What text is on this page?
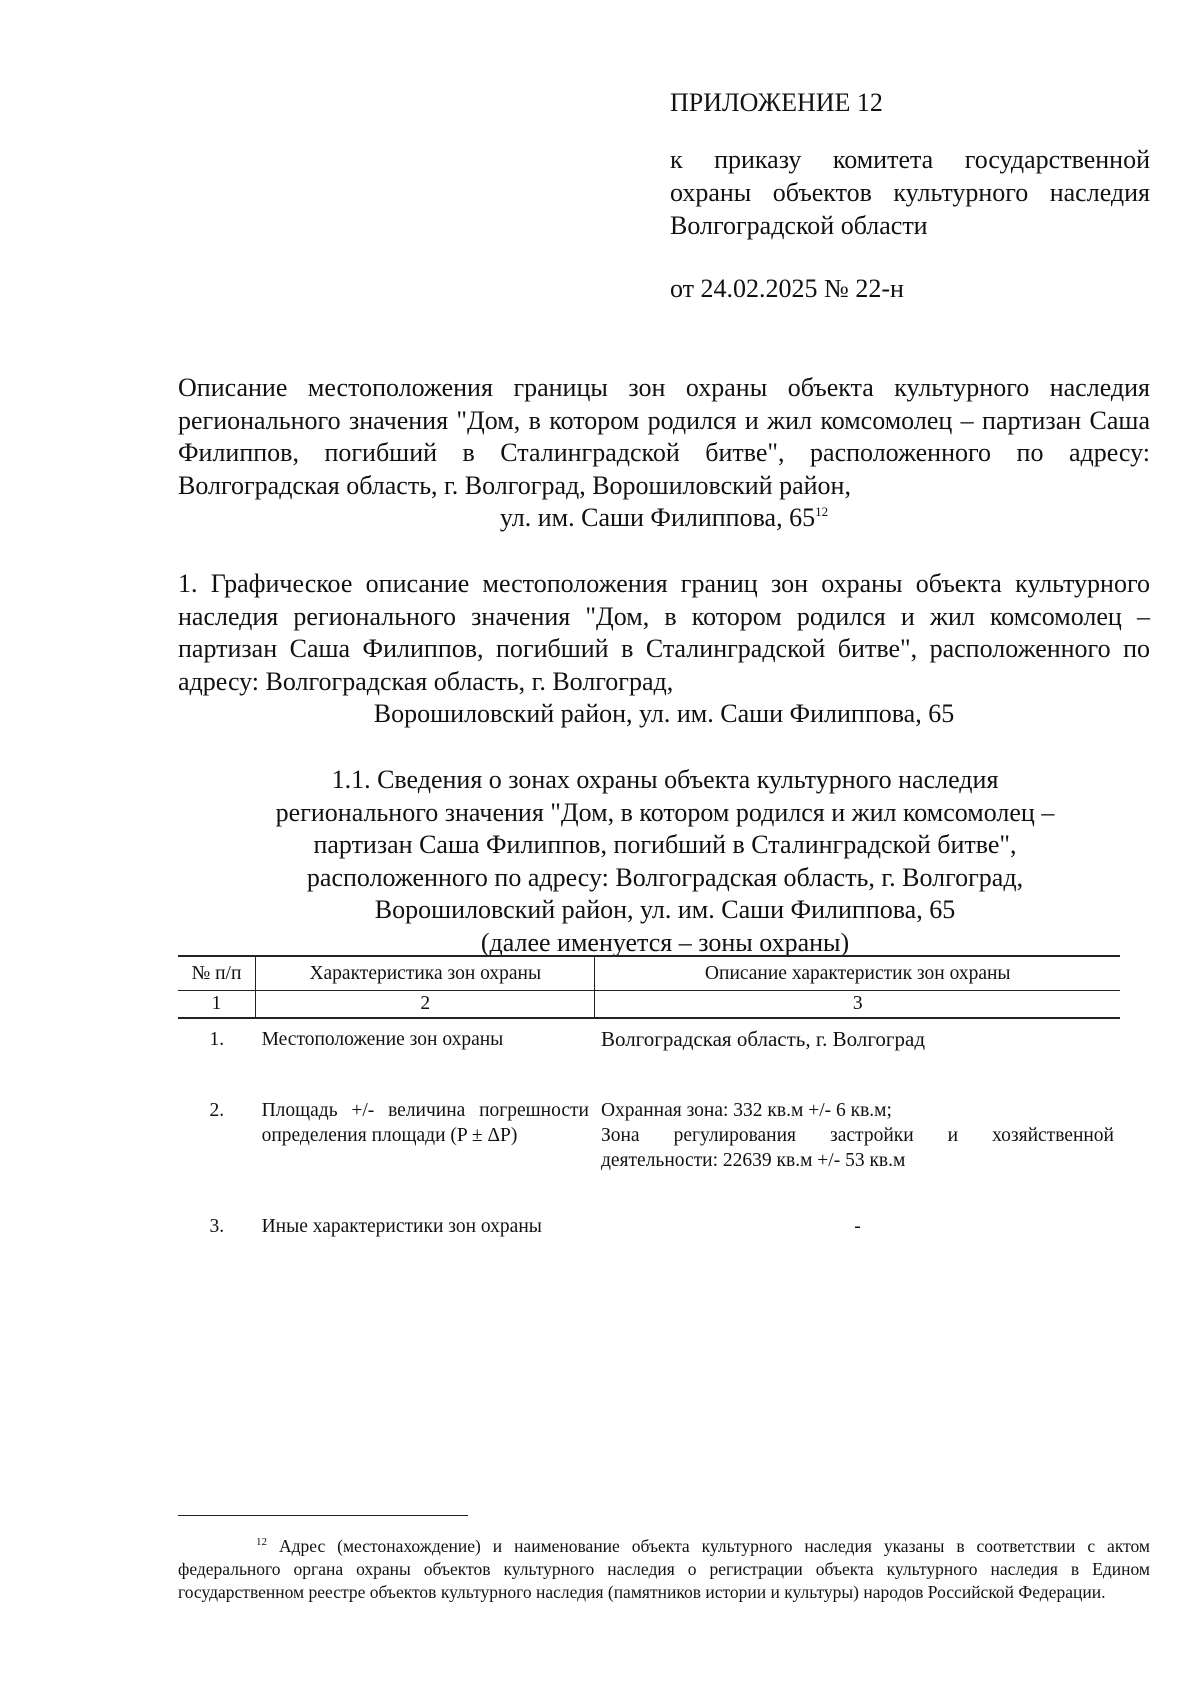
ПРИЛОЖЕНИЕ 12
к приказу комитета государственной охраны объектов культурного наследия Волгоградской области
от 24.02.2025 № 22-н
Описание местоположения границы зон охраны объекта культурного наследия регионального значения "Дом, в котором родился и жил комсомолец – партизан Саша Филиппов, погибший в Сталинградской битве", расположенного по адресу: Волгоградская область, г. Волгоград, Ворошиловский район,
ул. им. Саши Филиппова, 65$^{12}$
1. Графическое описание местоположения границ зон охраны объекта культурного наследия регионального значения "Дом, в котором родился и жил комсомолец – партизан Саша Филиппов, погибший в Сталинградской битве", расположенного по адресу: Волгоградская область, г. Волгоград,
Ворошиловский район, ул. им. Саши Филиппова, 65
1.1. Сведения о зонах охраны объекта культурного наследия
регионального значения "Дом, в котором родился и жил комсомолец –
партизан Саша Филиппов, погибший в Сталинградской битве",
расположенного по адресу: Волгоградская область, г. Волгоград,
Ворошиловский район, ул. им. Саши Филиппова, 65
(далее именуется – зоны охраны)
№ п/п	Характеристика зон охраны	Описание характеристик зон охраны
1	2	3
1.	Местоположение зон охраны	Волгоградская область, г. Волгоград
2.	Площадь +/- величина погрешности определения площади (P ± ΔP)	Охранная зона: 332 кв.м +/- 6 кв.м;
Зона регулирования застройки и хозяйственной деятельности: 22639 кв.м +/- 53 кв.м

3.	Иные характеристики зон охраны	-
$^{12}$ Адрес (местонахождение) и наименование объекта культурного наследия указаны в соответствии с актом федерального органа охраны объектов культурного наследия о регистрации объекта культурного наследия в Едином государственном реестре объектов культурного наследия (памятников истории и культуры) народов Российской Федерации.
